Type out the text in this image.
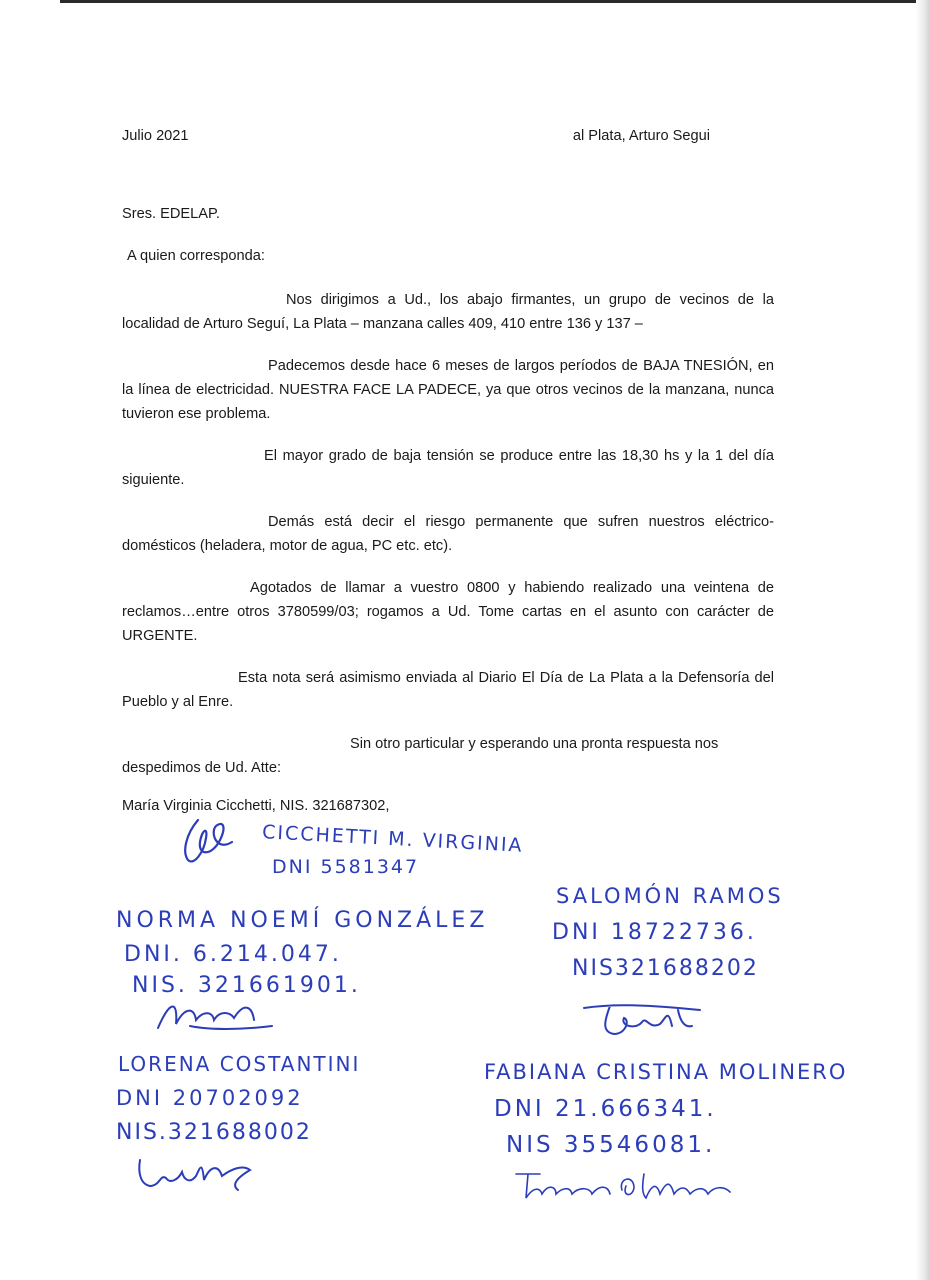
Julio 2021	al Plata, Arturo Segui

Sres. EDELAP.

A quien corresponda:

Nos dirigimos a Ud., los abajo firmantes, un grupo de vecinos de la localidad de Arturo Seguí, La Plata – manzana calles 409, 410 entre 136 y 137 –

Padecemos desde hace 6 meses de largos períodos de BAJA TNESIÓN, en la línea de electricidad. NUESTRA FACE LA PADECE, ya que otros vecinos de la manzana, nunca tuvieron ese problema.

El mayor grado de baja tensión se produce entre las 18,30 hs y la 1 del día siguiente.

Demás está decir el riesgo permanente que sufren nuestros eléctrico-domésticos (heladera, motor de agua, PC etc. etc).

Agotados de llamar a vuestro 0800 y habiendo realizado una veintena de reclamos…entre otros 3780599/03; rogamos a Ud. Tome cartas en el asunto con carácter de URGENTE.

Esta nota será asimismo enviada al Diario El Día de La Plata a la Defensoría del Pueblo y al Enre.

Sin otro particular y esperando una pronta respuesta nos

despedimos de Ud. Atte:

María Virginia Cicchetti, NIS. 321687302,

CICCHETTI M. VIRGINIA
DNI 5581347
NORMA NOEMÍ GONZÁLEZ
DNI. 6.214.047.
NIS. 321661901.
SALOMÓN RAMOS
DNI 18722736.
NIS321688202
LORENA COSTANTINI
DNI 20702092
NIS.321688002
FABIANA CRISTINA MOLINERO
DNI 21.666341.
NIS 35546081.
